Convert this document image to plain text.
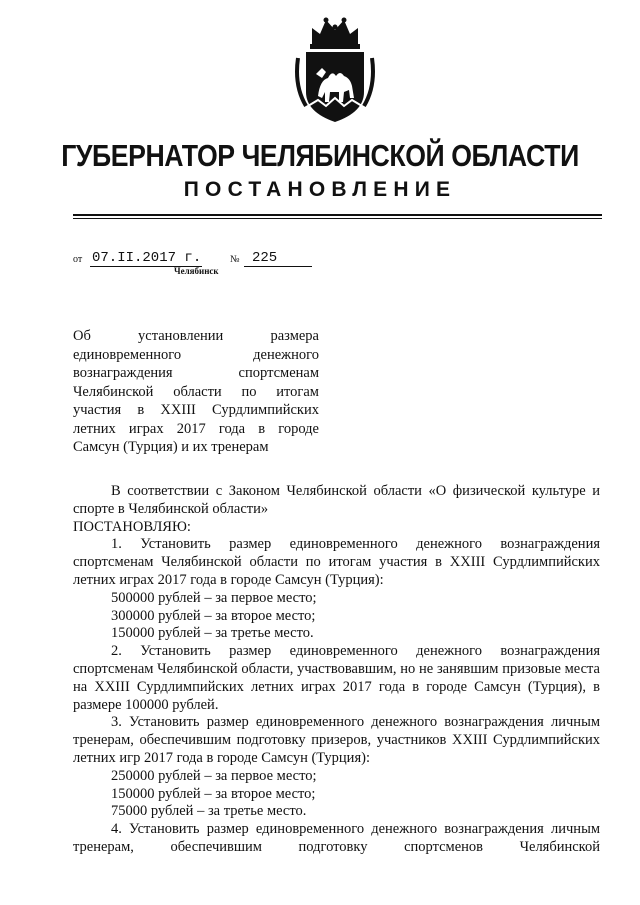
ГУБЕРНАТОР ЧЕЛЯБИНСКОЙ ОБЛАСТИ
ПОСТАНОВЛЕНИЕ
от 07.II.2017 г.	№ 225
Челябинск
Об установлении размера единовременного денежного вознаграждения спортсменам Челябинской области по итогам участия в XXIII Сурдлимпийских летних играх 2017 года в городе Самсун (Турция) и их тренерам

В соответствии с Законом Челябинской области «О физической культуре и спорте в Челябинской области»

ПОСТАНОВЛЯЮ:

1. Установить размер единовременного денежного вознаграждения спортсменам Челябинской области по итогам участия в XXIII Сурдлимпийских летних играх 2017 года в городе Самсун (Турция):

500000 рублей – за первое место;

300000 рублей – за второе место;

150000 рублей – за третье место.

2. Установить размер единовременного денежного вознаграждения спортсменам Челябинской области, участвовавшим, но не занявшим призовые места на XXIII Сурдлимпийских летних играх 2017 года в городе Самсун (Турция), в размере 100000 рублей.

3. Установить размер единовременного денежного вознаграждения личным тренерам, обеспечившим подготовку призеров, участников XXIII Сурдлимпийских летних игр 2017 года в городе Самсун (Турция):

250000 рублей – за первое место;

150000 рублей – за второе место;

75000 рублей – за третье место.

4. Установить размер единовременного денежного вознаграждения личным тренерам, обеспечившим подготовку спортсменов Челябинской
